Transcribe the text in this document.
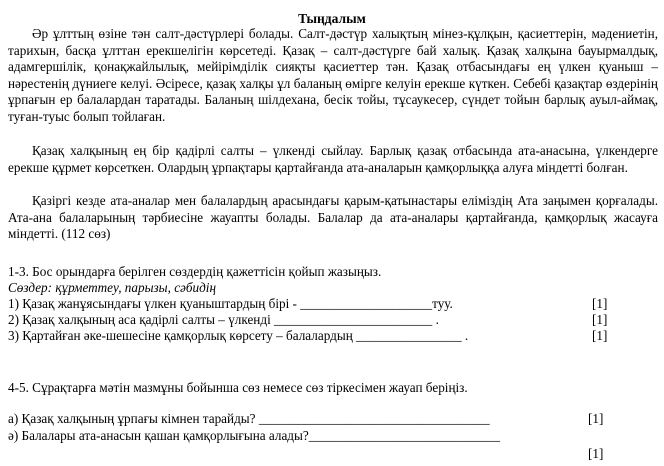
Тыңдалым

Әр ұлттың өзіне тән салт-дәстүрлері болады. Салт-дәстүр халықтың мінез-құлқын, қасиеттерін, мәдениетін, тарихын, басқа ұлттан ерекшелігін көрсетеді. Қазақ – салт-дәстүрге бай халық. Қазақ халқына бауырмалдық, адамгершілік, қонақжайлылық, мейірімділік сияқты қасиеттер тән. Қазақ отбасындағы ең үлкен қуаныш – нәрестенің дүниеге келуі. Әсіресе, қазақ халқы ұл баланың өміргe келуін ерекше күткен. Себебі қазақтар өздерінің ұрпағын ер балалардан таратады. Баланың шілдехана, бесік тойы, тұсаукесер, сүндет тойын барлық ауыл-аймақ, туған-туыс болып тойлаған.

Қазақ халқының ең бір қадірлі салты – үлкенді сыйлау. Барлық қазақ отбасында ата-анасына, үлкендерге ерекше құрмет көрсеткен. Олардың ұрпақтары қартайғанда ата-аналарын қамқорлыққа алуға міндетті болған.

Қазіргі кезде ата-аналар мен балалардың арасындағы қарым-қатынастары еліміздің Ата заңымен қорғалады. Ата-ана балаларының тәрбиесіне жауапты болады. Балалар да ата-аналары қартайғанда, қамқорлық жасауға міндетті. (112 сөз)

1-3. Бос орындарға берілген сөздердің қажеттісін қойып жазыңыз.
Сөздер: құрметтеу, парызы, сәбидің
1) Қазақ жанұясындағы үлкен қуаныштардың бірі - ____________________туу.	[1]
2) Қазақ халқының аса қадірлі салты – үлкенді ________________________ .	[1]
3) Қартайған әке-шешесіне қамқорлық көрсету – балалардың ________________ .	[1]
4-5. Сұрақтарға мәтін мазмұны бойынша сөз немесе сөз тіркесімен жауап беріңіз.
а) Қазақ халқының ұрпағы кімнен тарайды? ___________________________________	[1]
ә) Балалары ата-анасын қашан қамқорлығына алады?_____________________________
[1]
